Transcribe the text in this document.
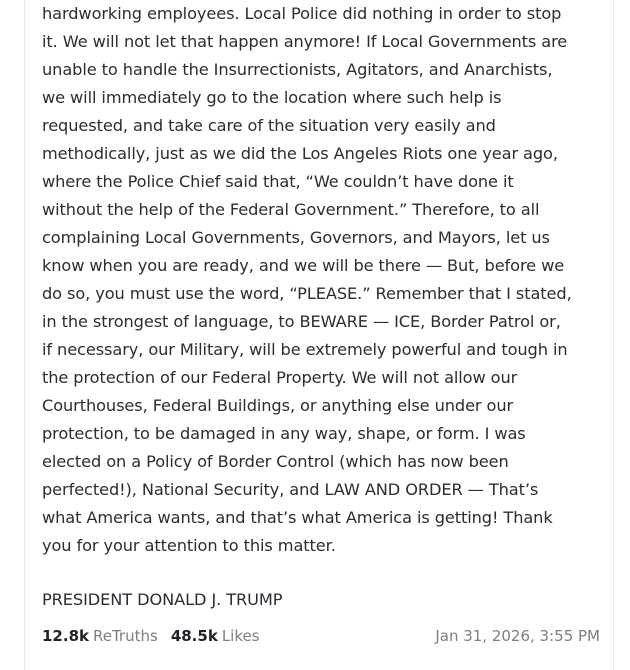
hardworking employees. Local Police did nothing in order to stop

it. We will not let that happen anymore! If Local Governments are

unable to handle the Insurrectionists, Agitators, and Anarchists,

we will immediately go to the location where such help is

requested, and take care of the situation very easily and

methodically, just as we did the Los Angeles Riots one year ago,

where the Police Chief said that, “We couldn’t have done it

without the help of the Federal Government.” Therefore, to all

complaining Local Governments, Governors, and Mayors, let us

know when you are ready, and we will be there — But, before we

do so, you must use the word, “PLEASE.” Remember that I stated,

in the strongest of language, to BEWARE — ICE, Border Patrol or,

if necessary, our Military, will be extremely powerful and tough in

the protection of our Federal Property. We will not allow our

Courthouses, Federal Buildings, or anything else under our

protection, to be damaged in any way, shape, or form. I was

elected on a Policy of Border Control (which has now been

perfected!), National Security, and LAW AND ORDER — That’s

what America wants, and that’s what America is getting! Thank

you for your attention to this matter.

PRESIDENT DONALD J. TRUMP
12.8k ReTruths 48.5k Likes	Jan 31, 2026, 3:55 PM
